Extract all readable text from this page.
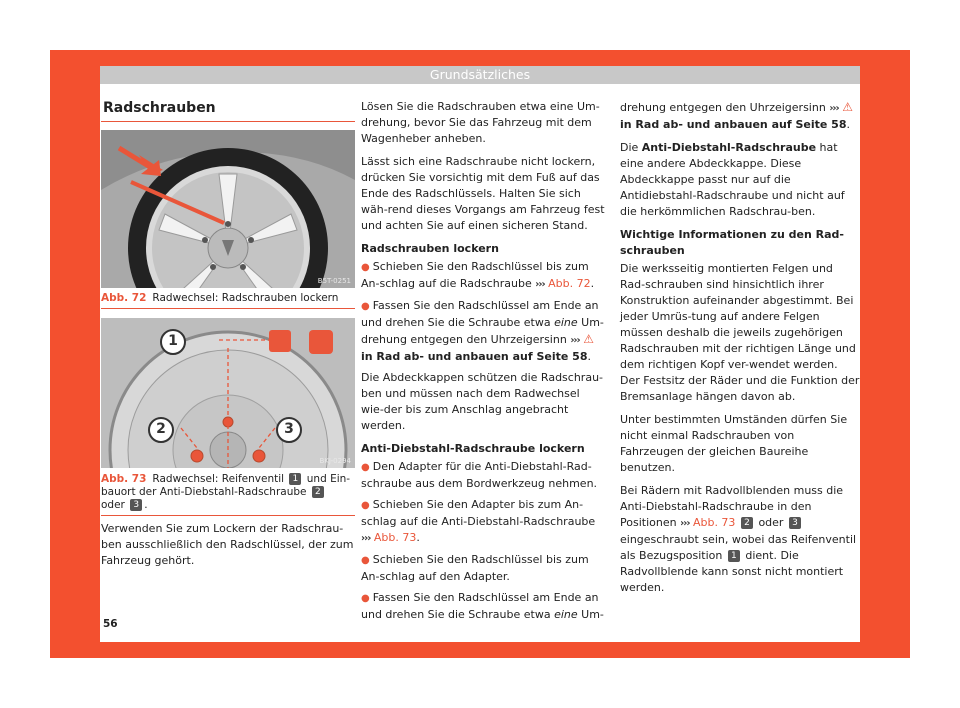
Grundsätzliches
Radschrauben
B5T-0251
Abb. 72 Radwechsel: Radschrauben lockern
1
2	3
BKJ-0294
Abb. 73 Radwechsel: Reifenventil 1 und Ein-bauort der Anti-Diebstahl-Radschraube 2
oder 3 .

Verwenden Sie zum Lockern der Radschrau-ben ausschließlich den Radschlüssel, der zum Fahrzeug gehört.

Lösen Sie die Radschrauben etwa eine Um-drehung, bevor Sie das Fahrzeug mit dem Wagenheber anheben.

Lässt sich eine Radschraube nicht lockern, drücken Sie vorsichtig mit dem Fuß auf das Ende des Radschlüssels. Halten Sie sich wäh-rend dieses Vorgangs am Fahrzeug fest und achten Sie auf einen sicheren Stand.

Radschrauben lockern

● Schieben Sie den Radschlüssel bis zum An-schlag auf die Radschraube ››› Abb. 72.

● Fassen Sie den Radschlüssel am Ende an und drehen Sie die Schraube etwa eine Um-drehung entgegen den Uhrzeigersinn ››› ⚠ in Rad ab- und anbauen auf Seite 58.

Die Abdeckkappen schützen die Radschrau-ben und müssen nach dem Radwechsel wie-der bis zum Anschlag angebracht werden.

Anti-Diebstahl-Radschraube lockern

● Den Adapter für die Anti-Diebstahl-Rad-schraube aus dem Bordwerkzeug nehmen.

● Schieben Sie den Adapter bis zum An-schlag auf die Anti-Diebstahl-Radschraube ››› Abb. 73.

● Schieben Sie den Radschlüssel bis zum An-schlag auf den Adapter.

● Fassen Sie den Radschlüssel am Ende an und drehen Sie die Schraube etwa eine Um-

drehung entgegen den Uhrzeigersinn ››› ⚠ in Rad ab- und anbauen auf Seite 58.

Die Anti-Diebstahl-Radschraube hat eine andere Abdeckkappe. Diese Abdeckkappe passt nur auf die Antidiebstahl-Radschraube und nicht auf die herkömmlichen Radschrau-ben.

Wichtige Informationen zu den Rad-schrauben

Die werksseitig montierten Felgen und Rad-schrauben sind hinsichtlich ihrer Konstruktion aufeinander abgestimmt. Bei jeder Umrüs-tung auf andere Felgen müssen deshalb die jeweils zugehörigen Radschrauben mit der richtigen Länge und dem richtigen Kopf ver-wendet werden. Der Festsitz der Räder und die Funktion der Bremsanlage hängen davon ab.

Unter bestimmten Umständen dürfen Sie nicht einmal Radschrauben von Fahrzeugen der gleichen Baureihe benutzen.

Bei Rädern mit Radvollblenden muss die Anti-Diebstahl-Radschraube in den Positionen ››› Abb. 73 2 oder 3 eingeschraubt sein, wobei das Reifenventil als Bezugsposition 1 dient. Die Radvollblende kann sonst nicht montiert werden.

56
